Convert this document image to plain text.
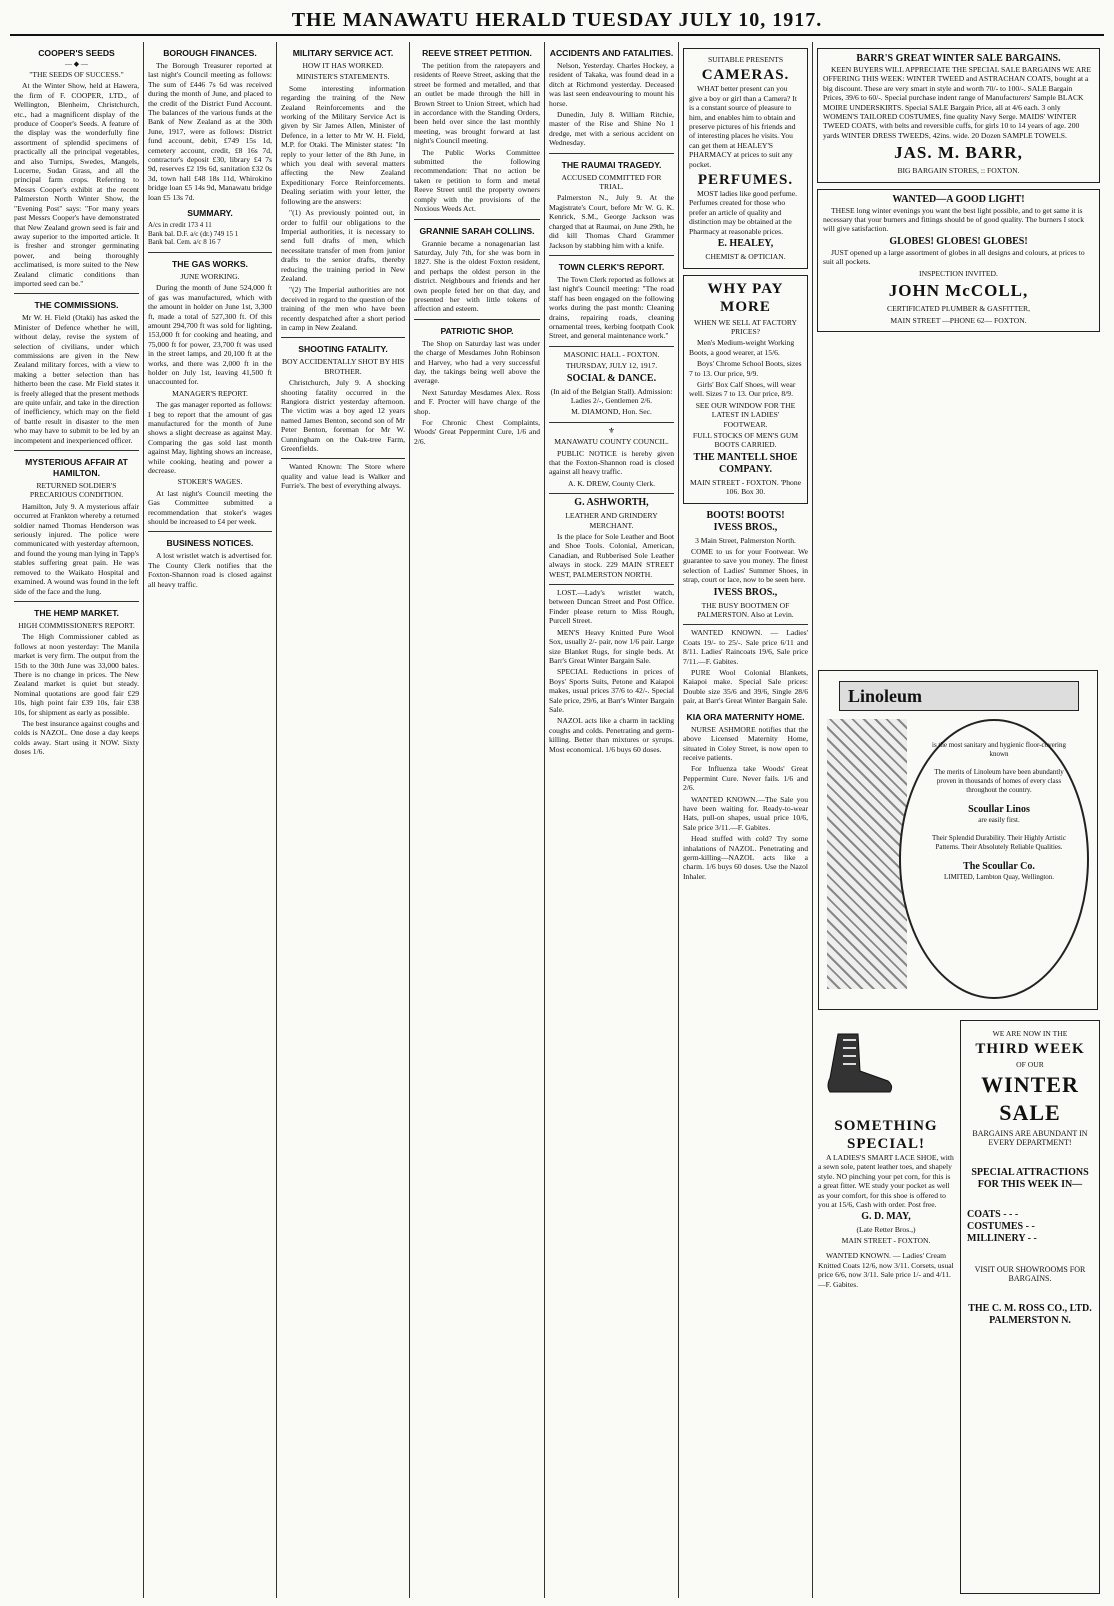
THE MANAWATU HERALD TUESDAY JULY 10, 1917.
COOPER'S SEEDS
— ◆ —
"THE SEEDS OF SUCCESS."

At the Winter Show, held at Hawera, the firm of F. COOPER, LTD., of Wellington, Blenheim, Christchurch, etc., had a magnificent display of the produce of Cooper's Seeds. A feature of the display was the wonderfully fine assortment of splendid specimens of practically all the principal vegetables, and also Turnips, Swedes, Mangels, Lucerne, Sudan Grass, and all the principal farm crops. Referring to Messrs Cooper's exhibit at the recent Palmerston North Winter Show, the "Evening Post" says: "For many years past Messrs Cooper's have demonstrated that New Zealand grown seed is fair and away superior to the imported article. It is fresher and stronger germinating power, and being thoroughly acclimatised, is more suited to the New Zealand climatic conditions than imported seed can be."

THE COMMISSIONS.

Mr W. H. Field (Otaki) has asked the Minister of Defence whether he will, without delay, revise the system of selection of civilians, under which commissions are given in the New Zealand military forces, with a view to making a better selection than has hitherto been the case. Mr Field states it is freely alleged that the present methods are quite unfair, and take in the direction of inefficiency, which may on the field of battle result in disaster to the men who may have to submit to be led by an incompetent and inexperienced officer.

MYSTERIOUS AFFAIR AT HAMILTON.
RETURNED SOLDIER'S PRECARIOUS CONDITION.

Hamilton, July 9. A mysterious affair occurred at Frankton whereby a returned soldier named Thomas Henderson was seriously injured. The police were communicated with yesterday afternoon, and found the young man lying in Tapp's stables suffering great pain. He was removed to the Waikato Hospital and examined. A wound was found in the left side of the face and the lung.

THE HEMP MARKET.
HIGH COMMISSIONER'S REPORT.

The High Commissioner cabled as follows at noon yesterday: The Manila market is very firm. The output from the 15th to the 30th June was 33,000 bales. There is no change in prices. The New Zealand market is quiet but steady. Nominal quotations are good fair £29 10s, high point fair £39 10s, fair £38 10s, for shipment as early as possible.

The best insurance against coughs and colds is NAZOL. One dose a day keeps colds away. Start using it NOW. Sixty doses 1/6.

BOROUGH FINANCES.

The Borough Treasurer reported at last night's Council meeting as follows: The sum of £446 7s 6d was received during the month of June, and placed to the credit of the District Fund Account. The balances of the various funds at the Bank of New Zealand as at the 30th June, 1917, were as follows: District fund account, debit, £749 15s 1d, cemetery account, credit, £8 16s 7d, contractor's deposit £30, library £4 7s 9d, reserves £2 19s 6d, sanitation £32 0s 3d, town hall £48 18s 11d, Whirokino bridge loan £5 14s 9d, Manawatu bridge loan £5 13s 7d.

SUMMARY.
A/cs in credit 173 4 11
Bank bal. D.F. a/c (dr.) 749 15 1
Bank bal. Cem. a/c 8 16 7
THE GAS WORKS.
JUNE WORKING.

During the month of June 524,000 ft of gas was manufactured, which with the amount in holder on June 1st, 3,300 ft, made a total of 527,300 ft. Of this amount 294,700 ft was sold for lighting, 153,000 ft for cooking and heating, and 75,000 ft for power, 23,700 ft was used in the street lamps, and 20,100 ft at the works, and there was 2,000 ft in the holder on July 1st, leaving 41,500 ft unaccounted for.

MANAGER'S REPORT.

The gas manager reported as follows: I beg to report that the amount of gas manufactured for the month of June shows a slight decrease as against May. Comparing the gas sold last month against May, lighting shows an increase, while cooking, heating and power a decrease.

STOKER'S WAGES.

At last night's Council meeting the Gas Committee submitted a recommendation that stoker's wages should be increased to £4 per week.

BUSINESS NOTICES.

A lost wristlet watch is advertised for. The County Clerk notifies that the Foxton-Shannon road is closed against all heavy traffic.

MILITARY SERVICE ACT.
HOW IT HAS WORKED.
MINISTER'S STATEMENTS.

Some interesting information regarding the training of the New Zealand Reinforcements and the working of the Military Service Act is given by Sir James Allen, Minister of Defence, in a letter to Mr W. H. Field, M.P. for Otaki. The Minister states: "In reply to your letter of the 8th June, in which you deal with several matters affecting the New Zealand Expeditionary Force Reinforcements. Dealing seriatim with your letter, the following are the answers:

"(1) As previously pointed out, in order to fulfil our obligations to the Imperial authorities, it is necessary to send full drafts of men, which necessitate transfer of men from junior drafts to the senior drafts, thereby reducing the training period in New Zealand.

"(2) The Imperial authorities are not deceived in regard to the question of the training of the men who have been recently despatched after a short period in camp in New Zealand.

SHOOTING FATALITY.
BOY ACCIDENTALLY SHOT BY HIS BROTHER.

Christchurch, July 9. A shocking shooting fatality occurred in the Rangiora district yesterday afternoon. The victim was a boy aged 12 years named James Benton, second son of Mr Peter Benton, foreman for Mr W. Cunningham on the Oak-tree Farm, Greenfields.

Wanted Known: The Store where quality and value lead is Walker and Furrie's. The best of everything always.

REEVE STREET PETITION.

The petition from the ratepayers and residents of Reeve Street, asking that the street be formed and metalled, and that an outlet be made through the hill in Brown Street to Union Street, which had in accordance with the Standing Orders, been held over since the last monthly meeting, was brought forward at last night's Council meeting.

The Public Works Committee submitted the following recommendation: That no action be taken re petition to form and metal Reeve Street until the property owners comply with the provisions of the Noxious Weeds Act.

GRANNIE SARAH COLLINS.

Grannie became a nonagenarian last Saturday, July 7th, for she was born in 1827. She is the oldest Foxton resident, and perhaps the oldest person in the district. Neighbours and friends and her own people feted her on that day, and presented her with little tokens of affection and esteem.

PATRIOTIC SHOP.

The Shop on Saturday last was under the charge of Mesdames John Robinson and Harvey, who had a very successful day, the takings being well above the average.

Next Saturday Mesdames Alex. Ross and F. Procter will have charge of the shop.

For Chronic Chest Complaints, Woods' Great Peppermint Cure, 1/6 and 2/6.

ACCIDENTS AND FATALITIES.

Nelson, Yesterday. Charles Hockey, a resident of Takaka, was found dead in a ditch at Richmond yesterday. Deceased was last seen endeavouring to mount his horse.

Dunedin, July 8. William Ritchie, master of the Rise and Shine No 1 dredge, met with a serious accident on Wednesday.

THE RAUMAI TRAGEDY.
ACCUSED COMMITTED FOR TRIAL.

Palmerston N., July 9. At the Magistrate's Court, before Mr W. G. K. Kenrick, S.M., George Jackson was charged that at Raumai, on June 29th, he did kill Thomas Chard Grammer Jackson by stabbing him with a knife.

TOWN CLERK'S REPORT.

The Town Clerk reported as follows at last night's Council meeting: "The road staff has been engaged on the following works during the past month: Cleaning drains, repairing roads, cleaning ornamental trees, kerbing footpath Cook Street, and general maintenance work."

MASONIC HALL - FOXTON.
THURSDAY, JULY 12, 1917.
SOCIAL & DANCE.
(In aid of the Belgian Stall). Admission: Ladies 2/-, Gentlemen 2/6.
M. DIAMOND, Hon. Sec.
⚜
MANAWATU COUNTY COUNCIL.

PUBLIC NOTICE is hereby given that the Foxton-Shannon road is closed against all heavy traffic.

A. K. DREW, County Clerk.
G. ASHWORTH,
LEATHER AND GRINDERY MERCHANT.

Is the place for Sole Leather and Boot and Shoe Tools. Colonial, American, Canadian, and Rubberised Sole Leather always in stock. 229 MAIN STREET WEST, PALMERSTON NORTH.

LOST.—Lady's wristlet watch, between Duncan Street and Post Office. Finder please return to Miss Rough, Purcell Street.

MEN'S Heavy Knitted Pure Wool Sox, usually 2/- pair, now 1/6 pair. Large size Blanket Rugs, for single beds. At Barr's Great Winter Bargain Sale.

SPECIAL Reductions in prices of Boys' Sports Suits, Petone and Kaiapoi makes, usual prices 37/6 to 42/-. Special Sale price, 29/6, at Barr's Winter Bargain Sale.

NAZOL acts like a charm in tackling coughs and colds. Penetrating and germ-killing. Better than mixtures or syrups. Most economical. 1/6 buys 60 doses.

SUITABLE PRESENTS
CAMERAS.

WHAT better present can you give a boy or girl than a Camera? It is a constant source of pleasure to him, and enables him to obtain and preserve pictures of his friends and of interesting places he visits. You can get them at HEALEY'S PHARMACY at prices to suit any pocket.

PERFUMES.

MOST ladies like good perfume. Perfumes created for those who prefer an article of quality and distinction may be obtained at the Pharmacy at reasonable prices.

E. HEALEY,
CHEMIST & OPTICIAN.
WHY PAY MORE
WHEN WE SELL AT FACTORY PRICES?

Men's Medium-weight Working Boots, a good wearer, at 15/6.

Boys' Chrome School Boots, sizes 7 to 13. Our price, 9/9.

Girls' Box Calf Shoes, will wear well. Sizes 7 to 13. Our price, 8/9.

SEE OUR WINDOW FOR THE LATEST IN LADIES' FOOTWEAR.
FULL STOCKS OF MEN'S GUM BOOTS CARRIED.
THE MANTELL SHOE COMPANY.
MAIN STREET - FOXTON. 'Phone 106. Box 30.
BOOTS! BOOTS!
IVESS BROS.,
3 Main Street, Palmerston North.

COME to us for your Footwear. We guarantee to save you money. The finest selection of Ladies' Summer Shoes, in strap, court or lace, now to be seen here.

IVESS BROS.,
THE BUSY BOOTMEN OF PALMERSTON. Also at Levin.

WANTED KNOWN. — Ladies' Coats 19/- to 25/-. Sale price 6/11 and 8/11. Ladies' Raincoats 19/6, Sale price 7/11.—F. Gabites.

PURE Wool Colonial Blankets, Kaiapoi make. Special Sale prices: Double size 35/6 and 39/6, Single 28/6 pair, at Barr's Great Winter Bargain Sale.

KIA ORA MATERNITY HOME.

NURSE ASHMORE notifies that the above Licensed Maternity Home, situated in Coley Street, is now open to receive patients.

For Influenza take Woods' Great Peppermint Cure. Never fails. 1/6 and 2/6.

WANTED KNOWN.—The Sale you have been waiting for. Ready-to-wear Hats, pull-on shapes, usual price 10/6, Sale price 3/11.—F. Gabites.

Head stuffed with cold? Try some inhalations of NAZOL. Penetrating and germ-killing—NAZOL acts like a charm. 1/6 buys 60 doses. Use the Nazol Inhaler.

BARR'S GREAT WINTER SALE BARGAINS.

KEEN BUYERS WILL APPRECIATE THE SPECIAL SALE BARGAINS WE ARE OFFERING THIS WEEK: WINTER TWEED and ASTRACHAN COATS, bought at a big discount. These are very smart in style and worth 70/- to 100/-. SALE Bargain Prices, 39/6 to 60/-. Special purchase indent range of Manufacturers' Sample BLACK MOIRE UNDERSKIRTS. Special SALE Bargain Price, all at 4/6 each. 3 only WOMEN'S TAILORED COSTUMES, fine quality Navy Serge. MAIDS' WINTER TWEED COATS, with belts and reversible cuffs, for girls 10 to 14 years of age. 200 yards WINTER DRESS TWEEDS, 42ins. wide. 20 Dozen SAMPLE TOWELS.

JAS. M. BARR,
BIG BARGAIN STORES, :: FOXTON.
WANTED—A GOOD LIGHT!

THESE long winter evenings you want the best light possible, and to get same it is necessary that your burners and fittings should be of good quality. The burners I stock will give satisfaction.

GLOBES! GLOBES! GLOBES!

JUST opened up a large assortment of globes in all designs and colours, at prices to suit all pockets.

INSPECTION INVITED.
JOHN McCOLL,
CERTIFICATED PLUMBER & GASFITTER,
MAIN STREET —PHONE 62— FOXTON.
Linoleum
is the most sanitary and hygienic floor-covering known

The merits of Linoleum have been abundantly proven in thousands of homes of every class throughout the country.

Scoullar Linos
are easily first.

Their Splendid Durability. Their Highly Artistic Patterns. Their Absolutely Reliable Qualities.

The Scoullar Co.
LIMITED, Lambton Quay, Wellington.
SOMETHING SPECIAL!

A LADIES'S SMART LACE SHOE, with a sewn sole, patent leather toes, and shapely style. NO pinching your pet corn, for this is a great fitter. WE study your pocket as well as your comfort, for this shoe is offered to you at 15/6, Cash with order. Post free.

G. D. MAY,
(Late Retter Bros.,)
MAIN STREET - FOXTON.

WANTED KNOWN. — Ladies' Cream Knitted Coats 12/6, now 3/11. Corsets, usual price 6/6, now 3/11. Sale price 1/- and 4/11. —F. Gabites.

WE ARE NOW IN THE
THIRD WEEK
OF OUR
WINTER SALE
BARGAINS ARE ABUNDANT IN EVERY DEPARTMENT!

SPECIAL ATTRACTIONS FOR THIS WEEK IN—

COATS - - -
COSTUMES - -
MILLINERY - -

VISIT OUR SHOWROOMS FOR BARGAINS.

THE C. M. ROSS CO., LTD.
PALMERSTON N.
